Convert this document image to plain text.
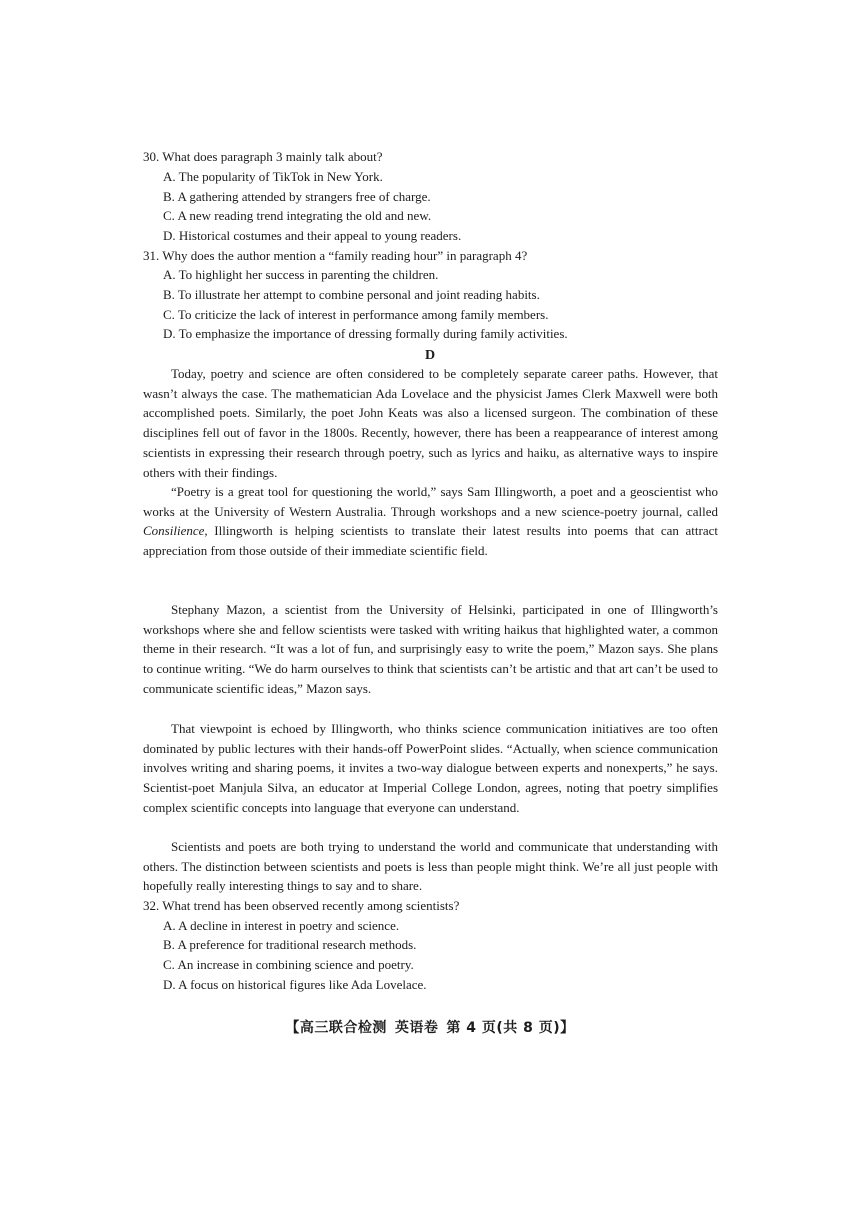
30. What does paragraph 3 mainly talk about?
A. The popularity of TikTok in New York.
B. A gathering attended by strangers free of charge.
C. A new reading trend integrating the old and new.
D. Historical costumes and their appeal to young readers.
31. Why does the author mention a “family reading hour” in paragraph 4?
A. To highlight her success in parenting the children.
B. To illustrate her attempt to combine personal and joint reading habits.
C. To criticize the lack of interest in performance among family members.
D. To emphasize the importance of dressing formally during family activities.
D
Today, poetry and science are often considered to be completely separate career paths. However, that wasn’t always the case. The mathematician Ada Lovelace and the physicist James Clerk Maxwell were both accomplished poets. Similarly, the poet John Keats was also a licensed surgeon. The combination of these disciplines fell out of favor in the 1800s. Recently, however, there has been a reappearance of interest among scientists in expressing their research through poetry, such as lyrics and haiku, as alternative ways to inspire others with their findings.
“Poetry is a great tool for questioning the world,” says Sam Illingworth, a poet and a geoscientist who works at the University of Western Australia. Through workshops and a new science-poetry journal, called Consilience, Illingworth is helping scientists to translate their latest results into poems that can attract appreciation from those outside of their immediate scientific field.
Stephany Mazon, a scientist from the University of Helsinki, participated in one of Illingworth’s workshops where she and fellow scientists were tasked with writing haikus that highlighted water, a common theme in their research. “It was a lot of fun, and surprisingly easy to write the poem,” Mazon says. She plans to continue writing. “We do harm ourselves to think that scientists can’t be artistic and that art can’t be used to communicate scientific ideas,” Mazon says.
That viewpoint is echoed by Illingworth, who thinks science communication initiatives are too often dominated by public lectures with their hands-off PowerPoint slides. “Actually, when science communication involves writing and sharing poems, it invites a two-way dialogue between experts and nonexperts,” he says. Scientist-poet Manjula Silva, an educator at Imperial College London, agrees, noting that poetry simplifies complex scientific concepts into language that everyone can understand.
Scientists and poets are both trying to understand the world and communicate that understanding with others. The distinction between scientists and poets is less than people might think. We’re all just people with hopefully really interesting things to say and to share.
32. What trend has been observed recently among scientists?
A. A decline in interest in poetry and science.
B. A preference for traditional research methods.
C. An increase in combining science and poetry.
D. A focus on historical figures like Ada Lovelace.
【高三联合检测 英语卷 第 4 页(共 8 页)】
